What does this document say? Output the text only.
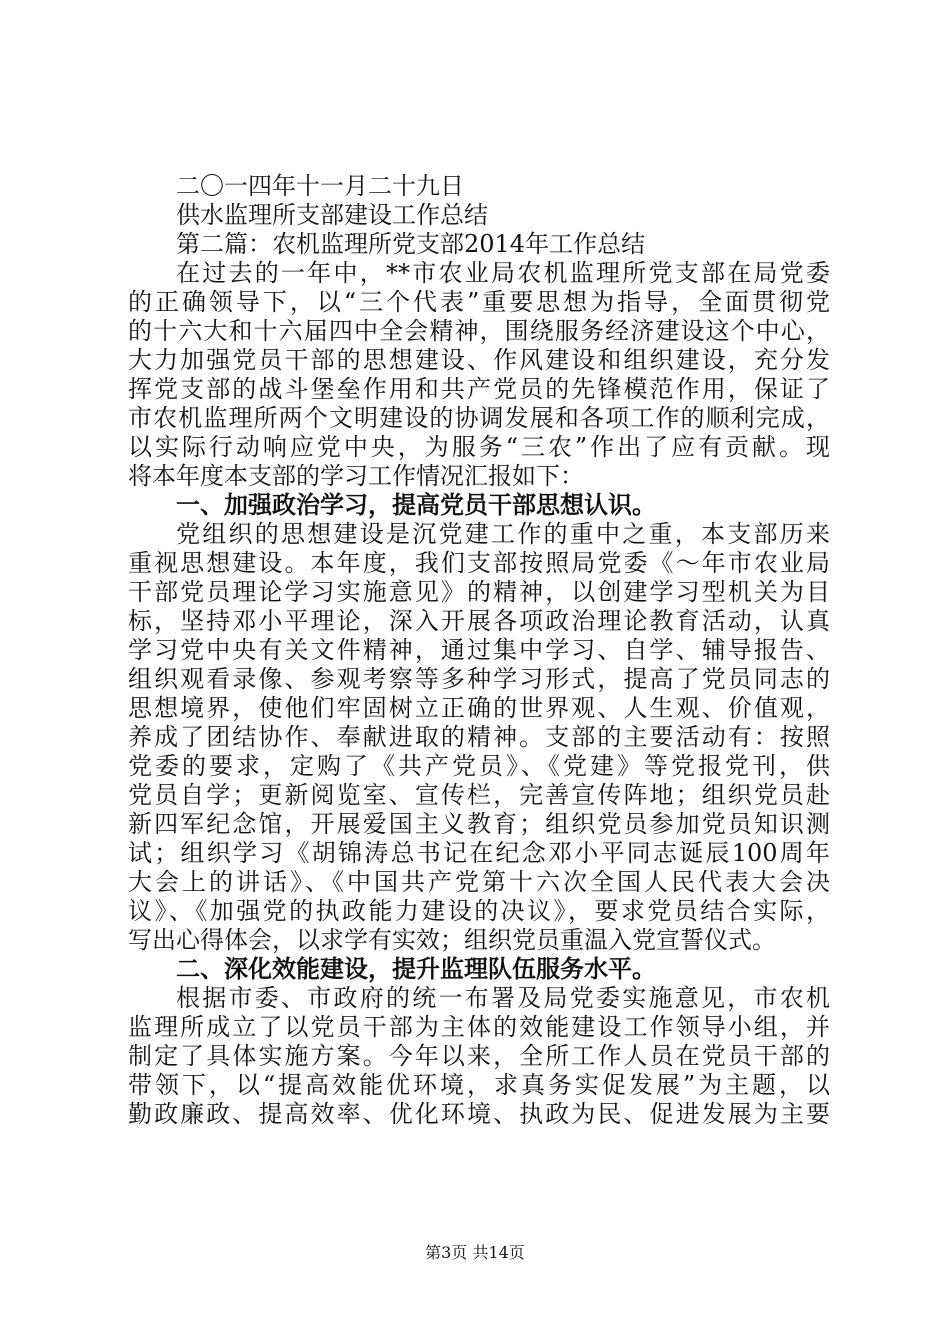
二〇一四年十一月二十九日
供水监理所支部建设工作总结
第二篇：农机监理所党支部2014年工作总结
在过去的一年中，**市农业局农机监理所党支部在局党委
的正确领导下，以“三个代表”重要思想为指导，全面贯彻党
的十六大和十六届四中全会精神，围绕服务经济建设这个中心，
大力加强党员干部的思想建设、作风建设和组织建设，充分发
挥党支部的战斗堡垒作用和共产党员的先锋模范作用，保证了
市农机监理所两个文明建设的协调发展和各项工作的顺利完成，
以实际行动响应党中央，为服务“三农”作出了应有贡献。现
将本年度本支部的学习工作情况汇报如下：
一、加强政治学习，提高党员干部思想认识。
党组织的思想建设是沉党建工作的重中之重，本支部历来
重视思想建设。本年度，我们支部按照局党委《～年市农业局
干部党员理论学习实施意见》的精神，以创建学习型机关为目
标，坚持邓小平理论，深入开展各项政治理论教育活动，认真
学习党中央有关文件精神，通过集中学习、自学、辅导报告、
组织观看录像、参观考察等多种学习形式，提高了党员同志的
思想境界，使他们牢固树立正确的世界观、人生观、价值观，
养成了团结协作、奉献进取的精神。支部的主要活动有：按照
党委的要求，定购了《共产党员》、《党建》等党报党刊，供
党员自学；更新阅览室、宣传栏，完善宣传阵地；组织党员赴
新四军纪念馆，开展爱国主义教育；组织党员参加党员知识测
试；组织学习《胡锦涛总书记在纪念邓小平同志诞辰100周年
大会上的讲话》、《中国共产党第十六次全国人民代表大会决
议》、《加强党的执政能力建设的决议》，要求党员结合实际，
写出心得体会，以求学有实效；组织党员重温入党宣誓仪式。
二、深化效能建设，提升监理队伍服务水平。
根据市委、市政府的统一布署及局党委实施意见，市农机
监理所成立了以党员干部为主体的效能建设工作领导小组，并
制定了具体实施方案。今年以来，全所工作人员在党员干部的
带领下，以“提高效能优环境，求真务实促发展”为主题，以
勤政廉政、提高效率、优化环境、执政为民、促进发展为主要
第3页 共14页
